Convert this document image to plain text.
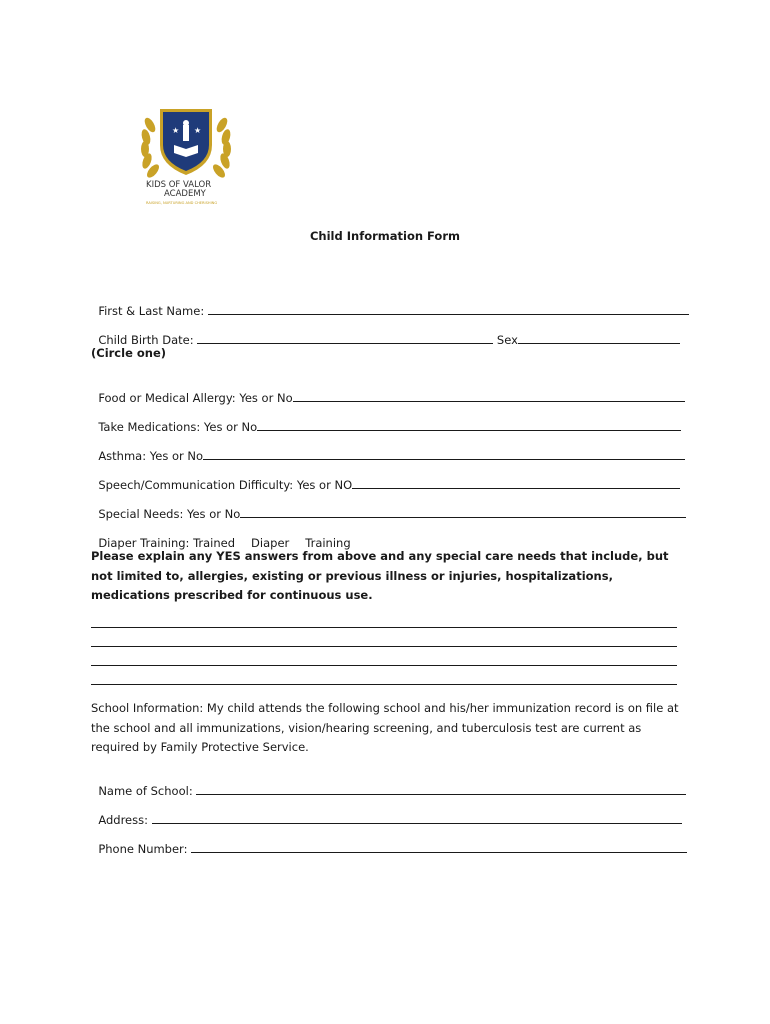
★ ★
KIDS OF VALOR
ACADEMY
RAISING, NURTURING AND CHERISHING
Child Information Form

First & Last Name:

Child Birth Date:	Sex

(Circle one)

Food or Medical Allergy: Yes or No

Take Medications: Yes or No

Asthma: Yes or No

Speech/Communication Difficulty: Yes or NO

Special Needs: Yes or No

Diaper Training: Trained Diaper Training

Please explain any YES answers from above and any special care needs that include, but not limited to, allergies, existing or previous illness or injuries, hospitalizations, medications prescribed for continuous use.
School Information: My child attends the following school and his/her immunization record is on file at the school and all immunizations, vision/hearing screening, and tuberculosis test are current as required by Family Protective Service.

Name of School:

Address:

Phone Number:
